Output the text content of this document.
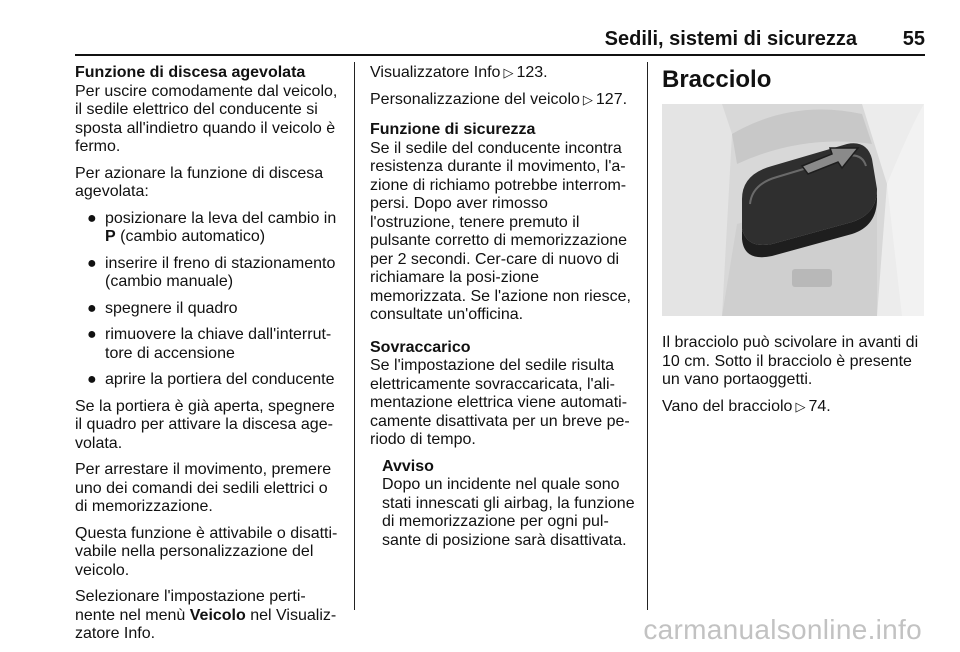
Sedili, sistemi di sicurezza 55
Funzione di discesa agevolata

Per uscire comodamente dal veicolo, il sedile elettrico del conducente si sposta all'indietro quando il veicolo è fermo.

Per azionare la funzione di discesa agevolata:

● posizionare la leva del cambio in P (cambio automatico)
● inserire il freno di stazionamento (cambio manuale)
● spegnere il quadro
● rimuovere la chiave dall'interrut-tore di accensione
● aprire la portiera del conducente

Se la portiera è già aperta, spegnere il quadro per attivare la discesa age-volata.

Per arrestare il movimento, premere uno dei comandi dei sedili elettrici o di memorizzazione.

Questa funzione è attivabile o disatti-vabile nella personalizzazione del veicolo.

Selezionare l'impostazione perti-nente nel menù Veicolo nel Visualiz-zatore Info.

Visualizzatore Info ▷ 123.

Personalizzazione del veicolo ▷ 127.

Funzione di sicurezza

Se il sedile del conducente incontra resistenza durante il movimento, l'a-zione di richiamo potrebbe interrom-persi. Dopo aver rimosso l'ostruzione, tenere premuto il pulsante corretto di memorizzazione per 2 secondi. Cer-care di nuovo di richiamare la posi-zione memorizzata. Se l'azione non riesce, consultate un'officina.

Sovraccarico

Se l'impostazione del sedile risulta elettricamente sovraccaricata, l'ali-mentazione elettrica viene automati-camente disattivata per un breve pe-riodo di tempo.

Avviso

Dopo un incidente nel quale sono stati innescati gli airbag, la funzione di memorizzazione per ogni pul-sante di posizione sarà disattivata.

Bracciolo

Il bracciolo può scivolare in avanti di 10 cm. Sotto il bracciolo è presente un vano portaoggetti.

Vano del bracciolo ▷ 74.

carmanualsonline.info
